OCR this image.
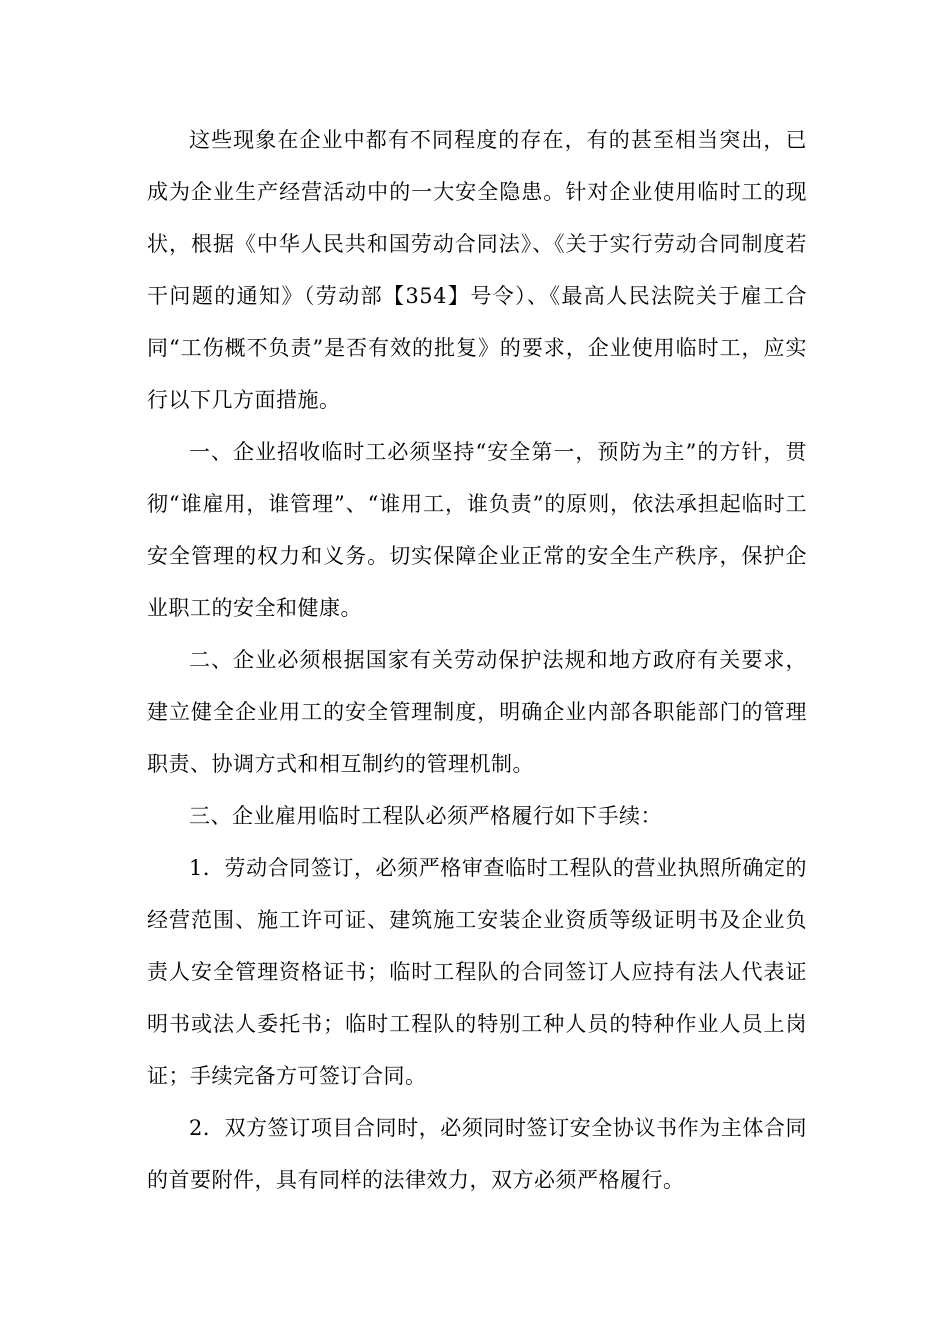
这些现象在企业中都有不同程度的存在，有的甚至相当突出，已成为企业生产经营活动中的一大安全隐患。针对企业使用临时工的现状，根据《中华人民共和国劳动合同法》、《关于实行劳动合同制度若干问题的通知》（劳动部【354】号令）、《最高人民法院关于雇工合同“工伤概不负责”是否有效的批复》的要求，企业使用临时工，应实行以下几方面措施。

一、企业招收临时工必须坚持“安全第一，预防为主”的方针，贯彻“谁雇用，谁管理”、“谁用工，谁负责”的原则，依法承担起临时工安全管理的权力和义务。切实保障企业正常的安全生产秩序，保护企业职工的安全和健康。

二、企业必须根据国家有关劳动保护法规和地方政府有关要求，建立健全企业用工的安全管理制度，明确企业内部各职能部门的管理职责、协调方式和相互制约的管理机制。

三、企业雇用临时工程队必须严格履行如下手续：

1．劳动合同签订，必须严格审查临时工程队的营业执照所确定的经营范围、施工许可证、建筑施工安装企业资质等级证明书及企业负责人安全管理资格证书；临时工程队的合同签订人应持有法人代表证明书或法人委托书；临时工程队的特别工种人员的特种作业人员上岗证；手续完备方可签订合同。

2．双方签订项目合同时，必须同时签订安全协议书作为主体合同的首要附件，具有同样的法律效力，双方必须严格履行。
